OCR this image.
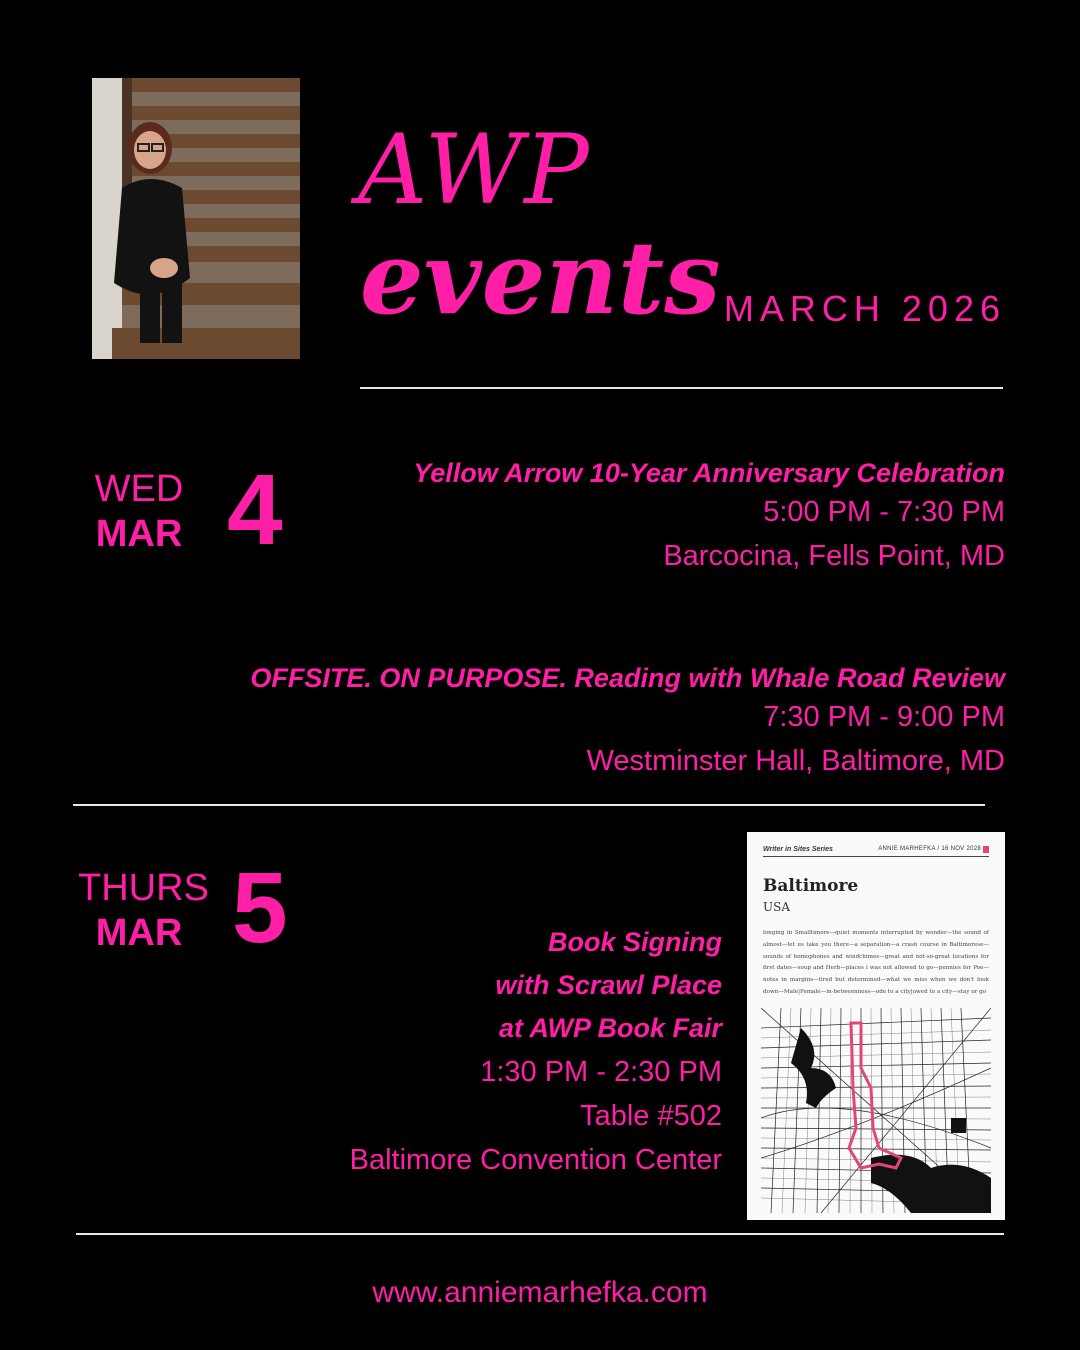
AWP
events MARCH 2026
WED
MAR 4	Yellow Arrow 10-Year Anniversary Celebration
5:00 PM - 7:30 PM
Barcocina, Fells Point, MD
OFFSITE. ON PURPOSE. Reading with Whale Road Review
7:30 PM - 9:00 PM
Westminster Hall, Baltimore, MD
THURS
MAR 5	Book Signing
with Scrawl Place
at AWP Book Fair
1:30 PM - 2:30 PM
Table #502
Baltimore Convention Center
Writer in Sites Series	ANNIE MARHEFKA / 16 NOV 2028
Baltimore
USA
longing in Smalltimore—quiet moments interrupted by wonder—the sound of almost—let us take you there—a separation—a crash course in Baltimorese—sounds of homophones and windchimes—great and not-so-great locations for first dates—soup and Herb—places i was not allowed to go—pennies for Poe—notes in margins—tired but determined—what we miss when we don't look down—Male|Female—in-betweenness—ode to a city|owed to a city—stay or go
www.anniemarhefka.com
